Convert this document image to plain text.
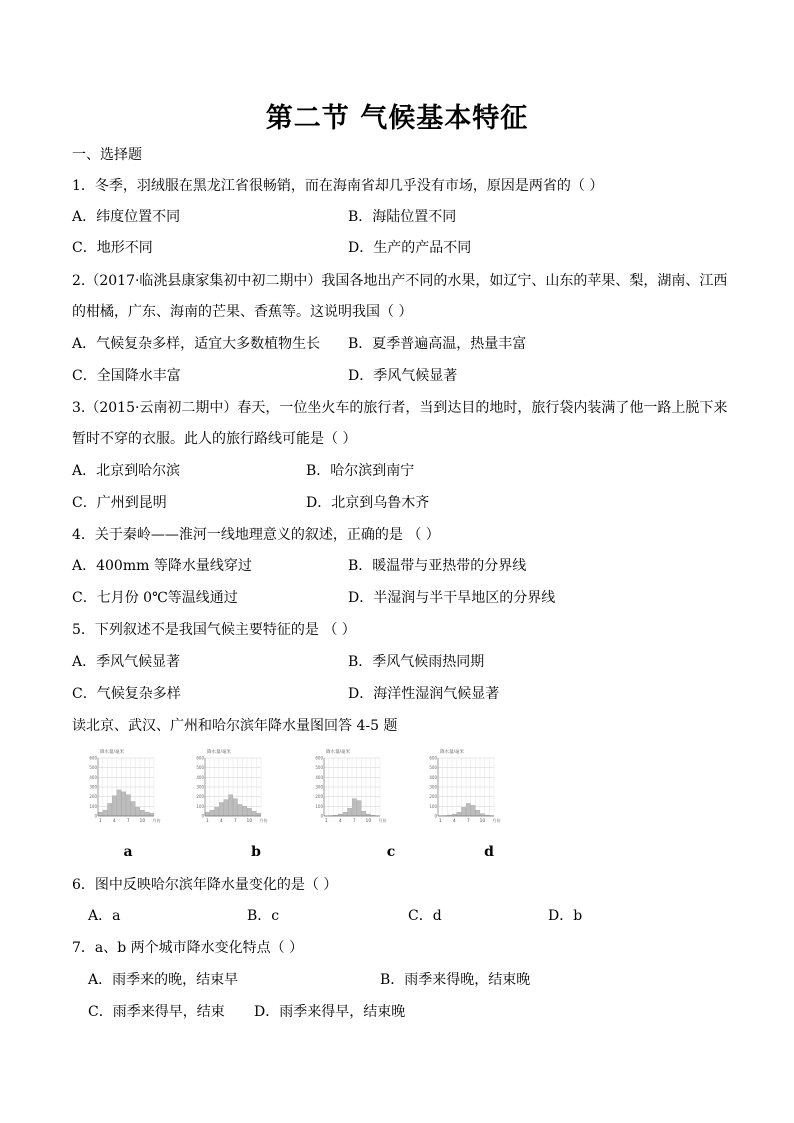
第二节 气候基本特征
一、选择题
1．冬季，羽绒服在黑龙江省很畅销，而在海南省却几乎没有市场，原因是两省的（ ）
A．纬度位置不同	B．海陆位置不同
C．地形不同	D．生产的产品不同
2.（2017·临洮县康家集初中初二期中）我国各地出产不同的水果，如辽宁、山东的苹果、梨，湖南、江西
的柑橘，广东、海南的芒果、香蕉等。这说明我国（ ）
A．气候复杂多样，适宜大多数植物生长 B．夏季普遍高温，热量丰富
C．全国降水丰富	D．季风气候显著
3.（2015·云南初二期中）春天，一位坐火车的旅行者，当到达目的地时，旅行袋内装满了他一路上脱下来
暂时不穿的衣服。此人的旅行路线可能是（ ）
A．北京到哈尔滨	B．哈尔滨到南宁
C．广州到昆明	D．北京到乌鲁木齐
4．关于秦岭——淮河一线地理意义的叙述，正确的是 （ ）
A．400mm 等降水量线穿过	B．暖温带与亚热带的分界线
C．七月份 0℃等温线通过	D．半湿润与半干旱地区的分界线
5．下列叙述不是我国气候主要特征的是 （ ）
A．季风气候显著	B．季风气候雨热同期
C．气候复杂多样	D．海洋性湿润气候显著
读北京、武汉、广州和哈尔滨年降水量图回答 4-5 题
降水量/毫米
600
500
400
300
200
100
0
1 4 7 10 月份
降水量/毫米
600
500
400
300
200
100
0
1 4 7 10 月份
降水量/毫米
600
500
400
300
200
100
0
1 4 7 10 月份
降水量/毫米
600
500
400
300
200
100
0
1 4 7 10 月份
a	b	c	d
6．图中反映哈尔滨年降水量变化的是（ ）
A．a	B．c	C．d	D．b
7．a、b 两个城市降水变化特点（ ）
A．雨季来的晚，结束早	B．雨季来得晚，结束晚
C．雨季来得早，结束 D．雨季来得早，结束晚
